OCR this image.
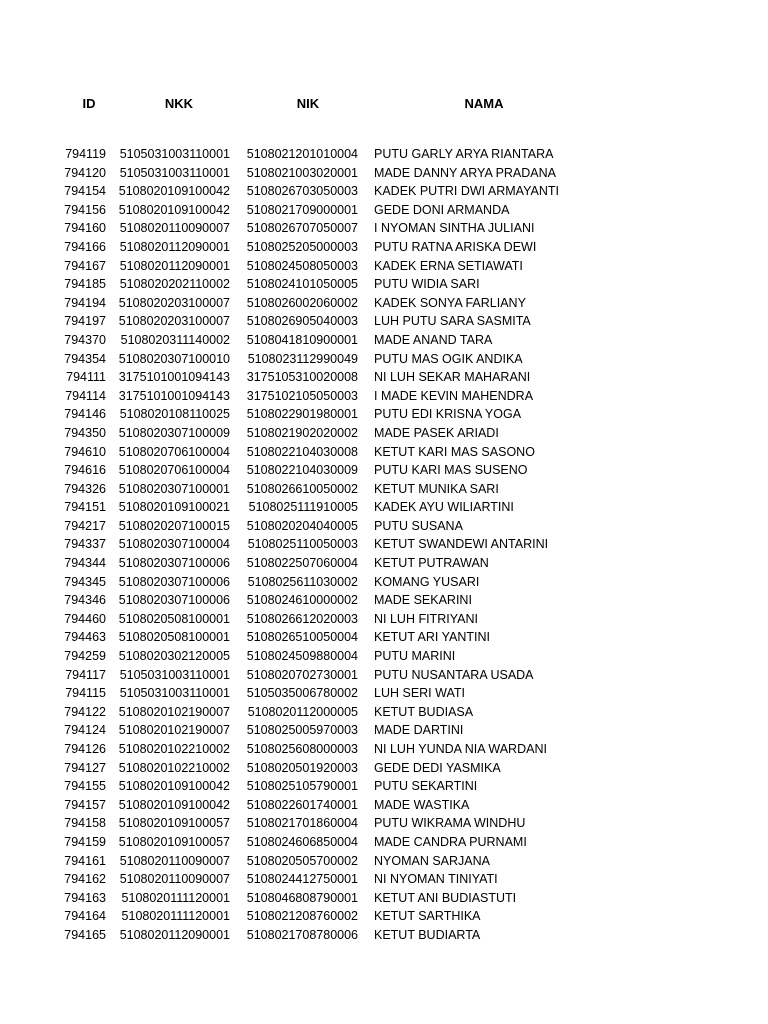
ID	NKK	NIK	NAMA
794119	5105031003110001	5108021201010004 PUTU GARLY ARYA RIANTARA
794120	5105031003110001	5108021003020001 MADE DANNY ARYA PRADANA
794154	5108020109100042	5108026703050003 KADEK PUTRI DWI ARMAYANTI
794156	5108020109100042	5108021709000001 GEDE DONI ARMANDA
794160	5108020110090007	5108026707050007 I NYOMAN SINTHA JULIANI
794166	5108020112090001	5108025205000003 PUTU RATNA ARISKA DEWI
794167	5108020112090001	5108024508050003 KADEK ERNA SETIAWATI
794185	5108020202110002	5108024101050005 PUTU WIDIA SARI
794194	5108020203100007	5108026002060002 KADEK SONYA FARLIANY
794197	5108020203100007	5108026905040003 LUH PUTU SARA SASMITA
794370	5108020311140002	5108041810900001 MADE ANAND TARA
794354	5108020307100010	5108023112990049 PUTU MAS OGIK ANDIKA
794111	3175101001094143	3175105310020008 NI LUH SEKAR MAHARANI
794114	3175101001094143	3175102105050003 I MADE KEVIN MAHENDRA
794146	5108020108110025	5108022901980001 PUTU EDI KRISNA YOGA
794350	5108020307100009	5108021902020002 MADE PASEK ARIADI
794610	5108020706100004	5108022104030008 KETUT KARI MAS SASONO
794616	5108020706100004	5108022104030009 PUTU KARI MAS SUSENO
794326	5108020307100001	5108026610050002 KETUT MUNIKA SARI
794151	5108020109100021	5108025111910005 KADEK AYU WILIARTINI
794217	5108020207100015	5108020204040005 PUTU SUSANA
794337	5108020307100004	5108025110050003 KETUT SWANDEWI ANTARINI
794344	5108020307100006	5108022507060004 KETUT PUTRAWAN
794345	5108020307100006	5108025611030002 KOMANG YUSARI
794346	5108020307100006	5108024610000002 MADE SEKARINI
794460	5108020508100001	5108026612020003 NI LUH FITRIYANI
794463	5108020508100001	5108026510050004 KETUT ARI YANTINI
794259	5108020302120005	5108024509880004 PUTU MARINI
794117	5105031003110001	5108020702730001 PUTU NUSANTARA USADA
794115	5105031003110001	5105035006780002 LUH SERI WATI
794122	5108020102190007	5108020112000005 KETUT BUDIASA
794124	5108020102190007	5108025005970003 MADE DARTINI
794126	5108020102210002	5108025608000003 NI LUH YUNDA NIA WARDANI
794127	5108020102210002	5108020501920003 GEDE DEDI YASMIKA
794155	5108020109100042	5108025105790001 PUTU SEKARTINI
794157	5108020109100042	5108022601740001 MADE WASTIKA
794158	5108020109100057	5108021701860004 PUTU WIKRAMA WINDHU
794159	5108020109100057	5108024606850004 MADE CANDRA PURNAMI
794161	5108020110090007	5108020505700002 NYOMAN SARJANA
794162	5108020110090007	5108024412750001 NI NYOMAN TINIYATI
794163	5108020111120001	5108046808790001 KETUT ANI BUDIASTUTI
794164	5108020111120001	5108021208760002 KETUT SARTHIKA
794165	5108020112090001	5108021708780006 KETUT BUDIARTA
